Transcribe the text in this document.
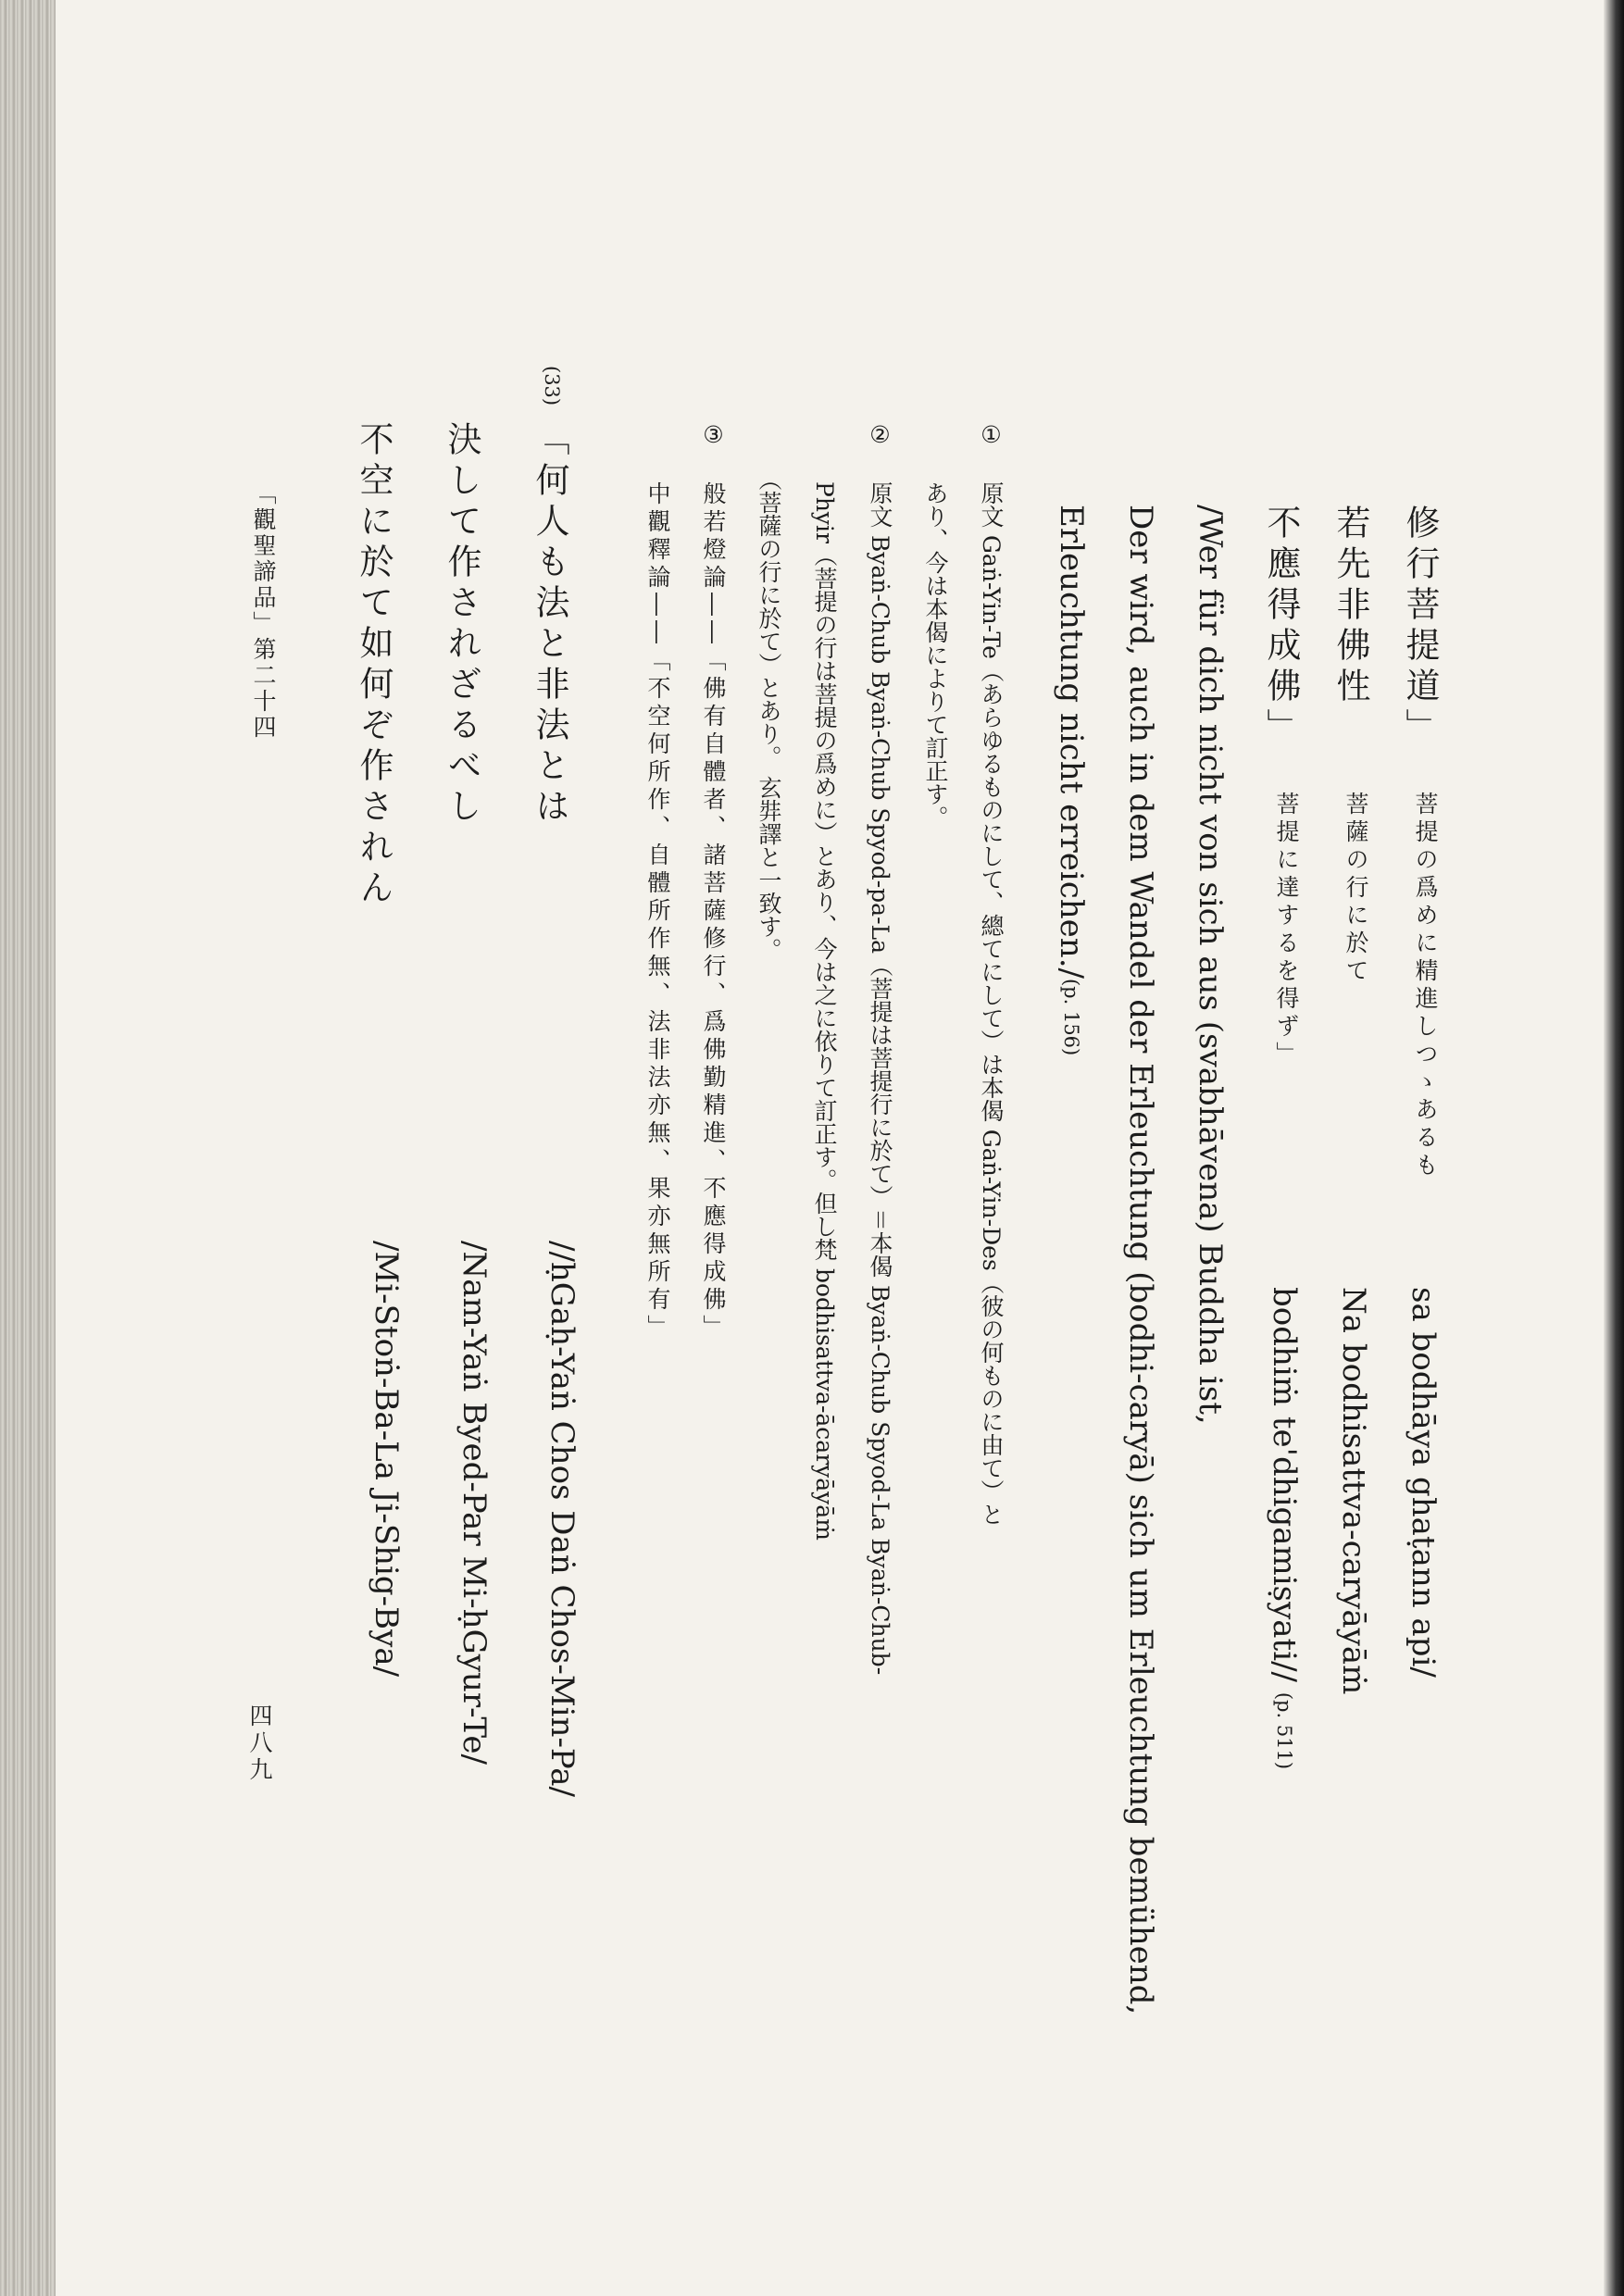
修行菩提道」
若先非佛性
不應得成佛」
菩提の爲めに精進しつゝあるも
菩薩の行に於て
菩提に達するを得ず」
sa bodhāya ghaṭann api/
Na bodhisattva-caryāyāṁ
bodhiṁ te'dhigamiṣyati// (p. 511)
/Wer für dich nicht von sich aus (svabhāvena) Buddha ist,
Der wird, auch in dem Wandel der Erleuchtung (bodhi-caryā) sich um Erleuchtung bemühend,
Erleuchtung nicht erreichen./(p. 156)
①
原文 Gaṅ-Yin-Te（あらゆるものにして、總てにして）は本偈 Gaṅ-Yin-Des（彼の何ものに由て）と
あり、今は本偈によりて訂正す。
②
原文 Byaṅ-Chub Byaṅ-Chub Spyod-pa-La（菩提は菩提行に於て）＝本偈 Byaṅ-Chub Spyod-La Byaṅ-Chub-
Phyir（菩提の行は菩提の爲めに）とあり、今は之に依りて訂正す。但し梵 bodhisattva-ācaryāyāṁ
（菩薩の行に於て）とあり。 玄弉譯と一致す。
③
般若燈論――「佛有自體者、諸菩薩修行、爲佛勤精進、不應得成佛」
中觀釋論――「不空何所作、自體所作無、法非法亦無、果亦無所有」
(33)
「何人も法と非法とは
決して作されざるべし
不空に於て如何ぞ作されん
//ḥGaḥ-Yaṅ Chos Daṅ Chos-Min-Pa/
/Nam-Yaṅ Byed-Par Mi-ḥGyur-Te/
/Mi-Stoṅ-Ba-La Ji-Shig-Bya/
「觀聖諦品」第二十四
四八九
